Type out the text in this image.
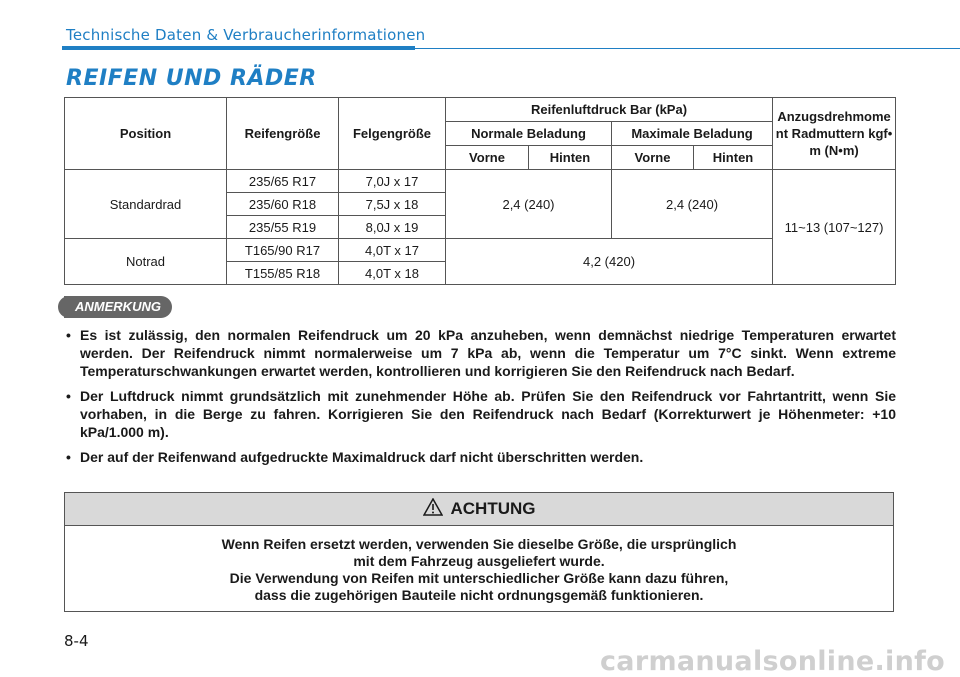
Technische Daten & Verbraucherinformationen
REIFEN UND RÄDER
Position	Reifengröße	Felgengröße	Reifenluftdruck Bar (kPa)				Anzugsdrehmoment Radmuttern kgf•m (N•m)
			Normale Beladung		Maximale Beladung		
			Vorne	Hinten	Vorne	Hinten	
Standardrad	235/65 R17	7,0J x 17	2,4 (240)		2,4 (240)		11~13 (107~127)
	235/60 R18	7,5J x 18					
	235/55 R19	8,0J x 19					
Notrad	T165/90 R17	4,0T x 17	4,2 (420)				
	T155/85 R18	4,0T x 18					
ANMERKUNG
• Es ist zulässig, den normalen Reifendruck um 20 kPa anzuheben, wenn demnächst niedrige Temperaturen erwartet werden. Der Reifendruck nimmt normalerweise um 7 kPa ab, wenn die Temperatur um 7°C sinkt. Wenn extreme Temperaturschwankungen erwartet werden, kontrollieren und korrigieren Sie den Reifendruck nach Bedarf.
• Der Luftdruck nimmt grundsätzlich mit zunehmender Höhe ab. Prüfen Sie den Reifendruck vor Fahrtantritt, wenn Sie vorhaben, in die Berge zu fahren. Korrigieren Sie den Reifendruck nach Bedarf (Korrekturwert je Höhenmeter: +10 kPa/1.000 m).
• Der auf der Reifenwand aufgedruckte Maximaldruck darf nicht überschritten werden.
ACHTUNG
Wenn Reifen ersetzt werden, verwenden Sie dieselbe Größe, die ursprünglich
mit dem Fahrzeug ausgeliefert wurde.
Die Verwendung von Reifen mit unterschiedlicher Größe kann dazu führen,
dass die zugehörigen Bauteile nicht ordnungsgemäß funktionieren.
8-4
carmanualsonline.info
